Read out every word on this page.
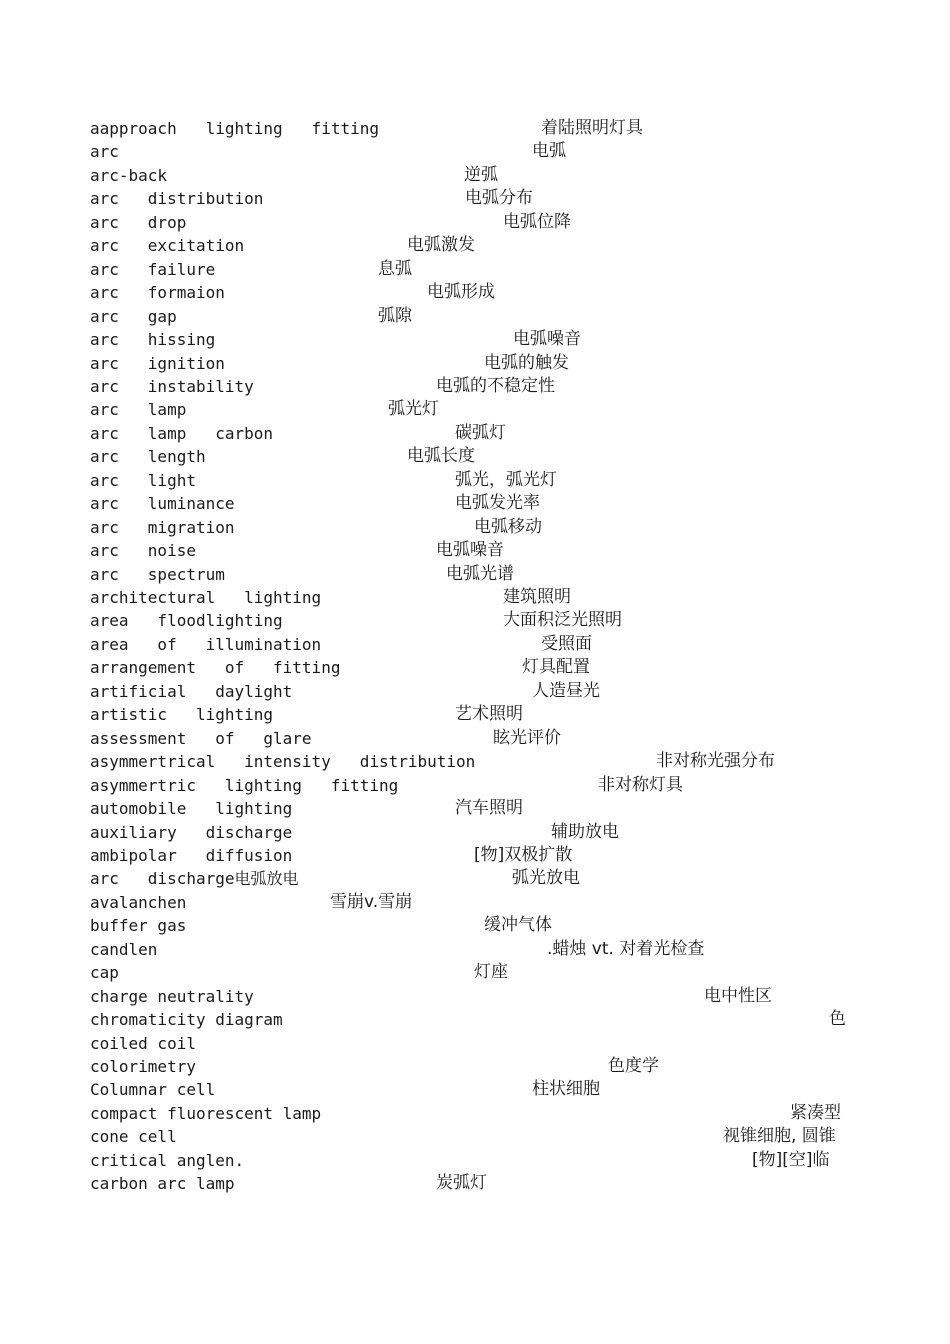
aapproach   lighting   fitting	着陆照明灯具
arc	电弧
arc-back	逆弧
arc   distribution	电弧分布
arc   drop	电弧位降
arc   excitation	电弧激发
arc   failure	息弧
arc   formaion	电弧形成
arc   gap	弧隙
arc   hissing	电弧噪音
arc   ignition	电弧的触发
arc   instability	电弧的不稳定性
arc   lamp	弧光灯
arc   lamp   carbon	碳弧灯
arc   length	电弧长度
arc   light	弧光，弧光灯
arc   luminance	电弧发光率
arc   migration	电弧移动
arc   noise	电弧噪音
arc   spectrum	电弧光谱
architectural   lighting	建筑照明
area   floodlighting	大面积泛光照明
area   of   illumination	受照面
arrangement   of   fitting	灯具配置
artificial   daylight	人造昼光
artistic   lighting	艺术照明
assessment   of   glare	眩光评价
asymmertrical   intensity   distribution	非对称光强分布
asymmertric   lighting   fitting	非对称灯具
automobile   lighting	汽车照明
auxiliary   discharge	辅助放电
ambipolar   diffusion	[物]双极扩散
arc   discharge电弧放电	弧光放电
avalanchen	雪崩v.雪崩
buffer gas	缓冲气体
candlen	.蜡烛 vt. 对着光检查
cap	灯座
charge neutrality	电中性区
chromaticity diagram	色
coiled coil
colorimetry	色度学
Columnar cell	柱状细胞
compact fluorescent lamp	紧凑型
cone cell	视锥细胞, 圆锥
critical anglen.	[物][空]临
carbon arc lamp	炭弧灯
